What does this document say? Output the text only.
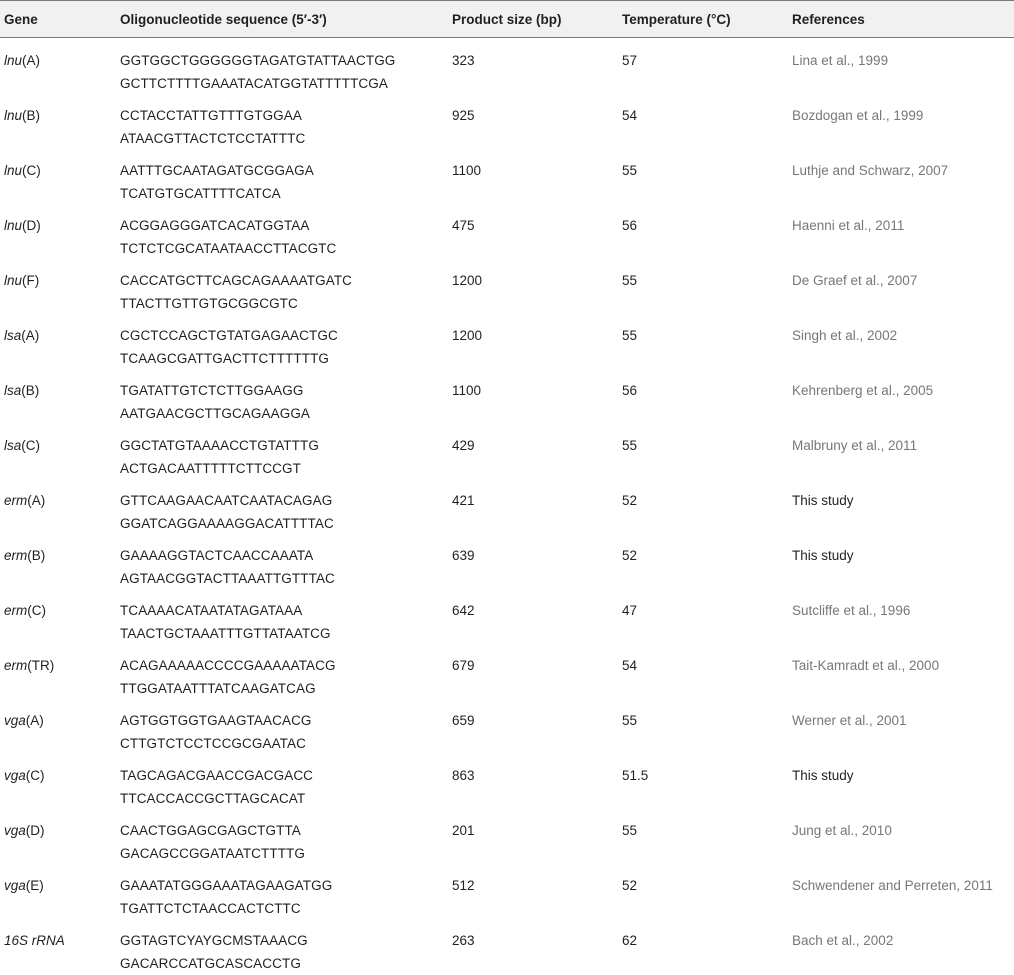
Gene	Oligonucleotide sequence (5′-3′)	Product size (bp)	Temperature (°C)	References
lnu(A)	GGTGGCTGGGGGGTAGATGTATTAACTGG
GCTTCTTTTGAAATACATGGTATTTTTCGA	323	57	Lina et al., 1999
lnu(B)	CCTACCTATTGTTTGTGGAA
ATAACGTTACTCTCCTATTTC	925	54	Bozdogan et al., 1999
lnu(C)	AATTTGCAATAGATGCGGAGA
TCATGTGCATTTTCATCA	1100	55	Luthje and Schwarz, 2007
lnu(D)	ACGGAGGGATCACATGGTAA
TCTCTCGCATAATAACCTTACGTC	475	56	Haenni et al., 2011
lnu(F)	CACCATGCTTCAGCAGAAAATGATC
TTACTTGTTGTGCGGCGTC	1200	55	De Graef et al., 2007
lsa(A)	CGCTCCAGCTGTATGAGAACTGC
TCAAGCGATTGACTTCTTTTTTG	1200	55	Singh et al., 2002
lsa(B)	TGATATTGTCTCTTGGAAGG
AATGAACGCTTGCAGAAGGA	1100	56	Kehrenberg et al., 2005
lsa(C)	GGCTATGTAAAACCTGTATTTG
ACTGACAATTTTTCTTCCGT	429	55	Malbruny et al., 2011
erm(A)	GTTCAAGAACAATCAATACAGAG
GGATCAGGAAAAGGACATTTTAC	421	52	This study
erm(B)	GAAAAGGTACTCAACCAAATA
AGTAACGGTACTTAAATTGTTTAC	639	52	This study
erm(C)	TCAAAACATAATATAGATAAA
TAACTGCTAAATTTGTTATAATCG	642	47	Sutcliffe et al., 1996
erm(TR)	ACAGAAAAACCCCGAAAAATACG
TTGGATAATTTATCAAGATCAG	679	54	Tait-Kamradt et al., 2000
vga(A)	AGTGGTGGTGAAGTAACACG
CTTGTCTCCTCCGCGAATAC	659	55	Werner et al., 2001
vga(C)	TAGCAGACGAACCGACGACC
TTCACCACCGCTTAGCACAT	863	51.5	This study
vga(D)	CAACTGGAGCGAGCTGTTA
GACAGCCGGATAATCTTTTG	201	55	Jung et al., 2010
vga(E)	GAAATATGGGAAATAGAAGATGG
TGATTCTCTAACCACTCTTC	512	52	Schwendener and Perreten, 2011
16S rRNA	GGTAGTCYAYGCMSTAAACG
GACARCCATGCASCACCTG	263	62	Bach et al., 2002
